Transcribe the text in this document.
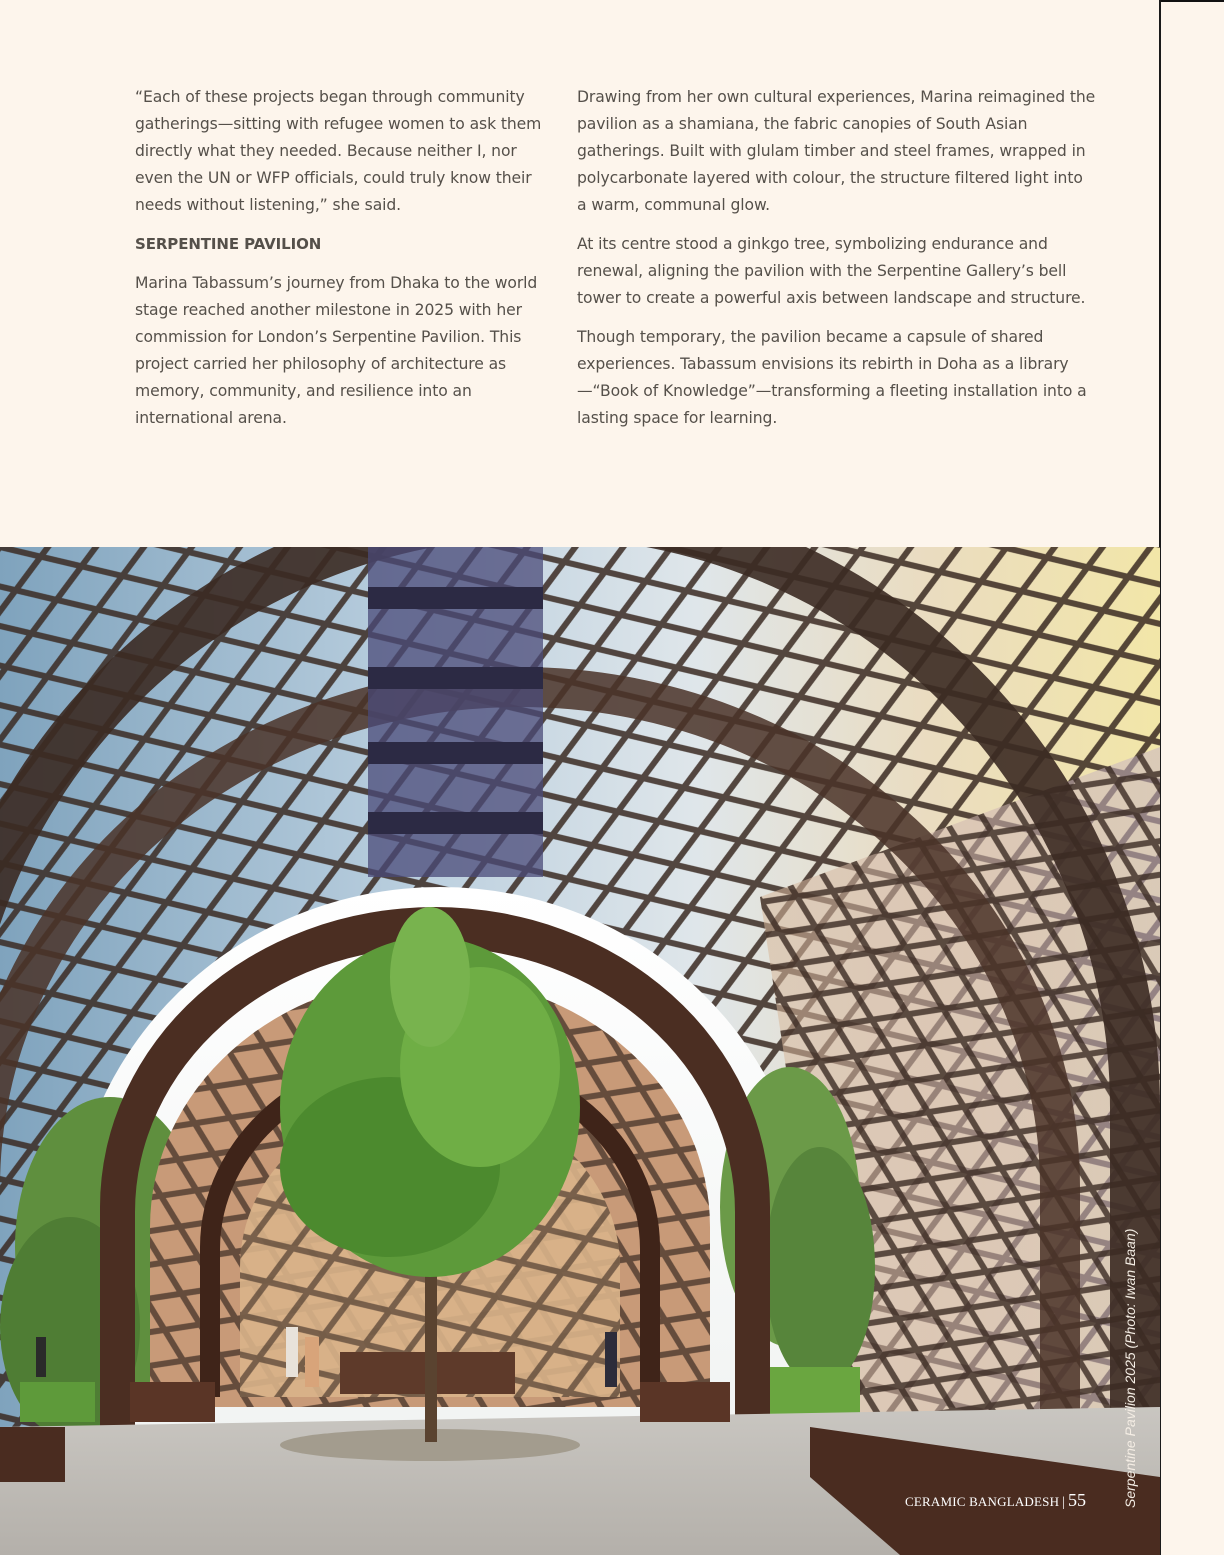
“Each of these projects began through community gatherings—sitting with refugee women to ask them directly what they needed. Because neither I, nor even the UN or WFP officials, could truly know their needs without listening,” she said.

SERPENTINE PAVILION

Marina Tabassum’s journey from Dhaka to the world stage reached another milestone in 2025 with her commission for London’s Serpentine Pavilion. This project carried her philosophy of architecture as memory, community, and resilience into an international arena.

Drawing from her own cultural experiences, Marina reimagined the pavilion as a shamiana, the fabric canopies of South Asian gatherings. Built with glulam timber and steel frames, wrapped in polycarbonate layered with colour, the structure filtered light into a warm, communal glow.

At its centre stood a ginkgo tree, symbolizing endurance and renewal, aligning the pavilion with the Serpentine Gallery’s bell tower to create a powerful axis between landscape and structure.

Though temporary, the pavilion became a capsule of shared experiences. Tabassum envisions its rebirth in Doha as a library—“Book of Knowledge”—transforming a fleeting installation into a lasting space for learning.

Serpentine Pavilion 2025 (Photo: Iwan Baan)
CERAMIC BANGLADESH | 55
